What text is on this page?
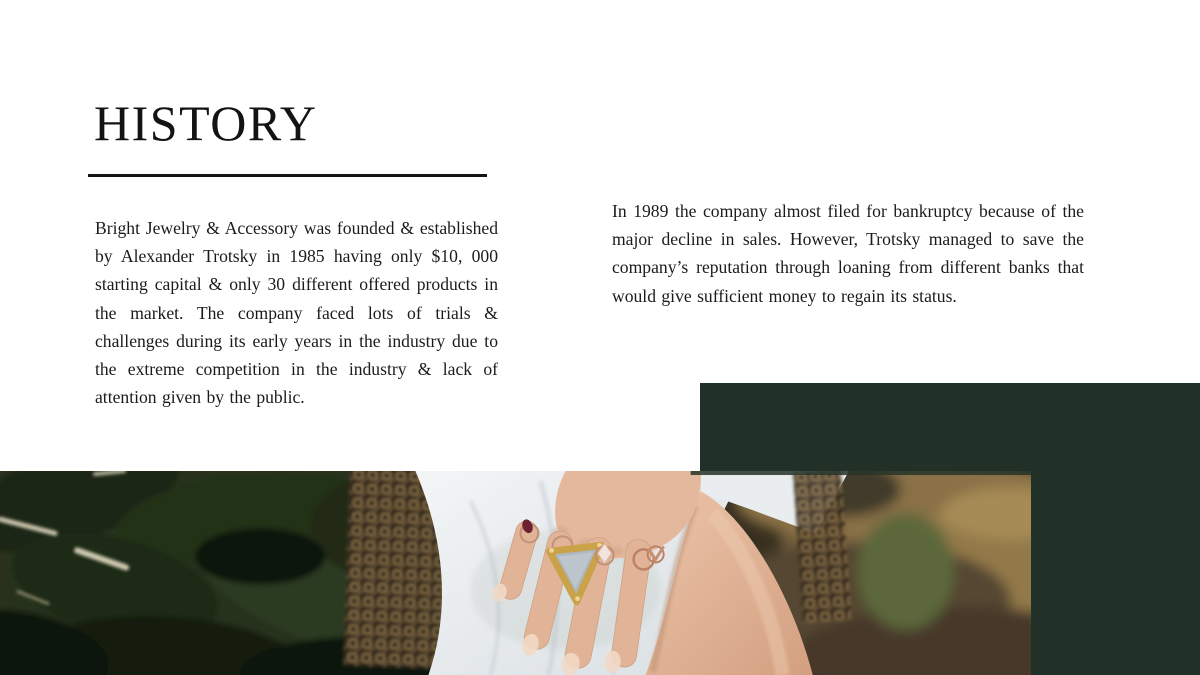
HISTORY

Bright Jewelry & Accessory was founded & established by Alexander Trotsky in 1985 having only $10, 000 starting capital & only 30 different offered products in the market. The company faced lots of trials & challenges during its early years in the industry due to the extreme competition in the industry & lack of attention given by the public.

In 1989 the company almost filed for bankruptcy because of the major decline in sales. However, Trotsky managed to save the company’s reputation through loaning from different banks that would give sufficient money to regain its status.
